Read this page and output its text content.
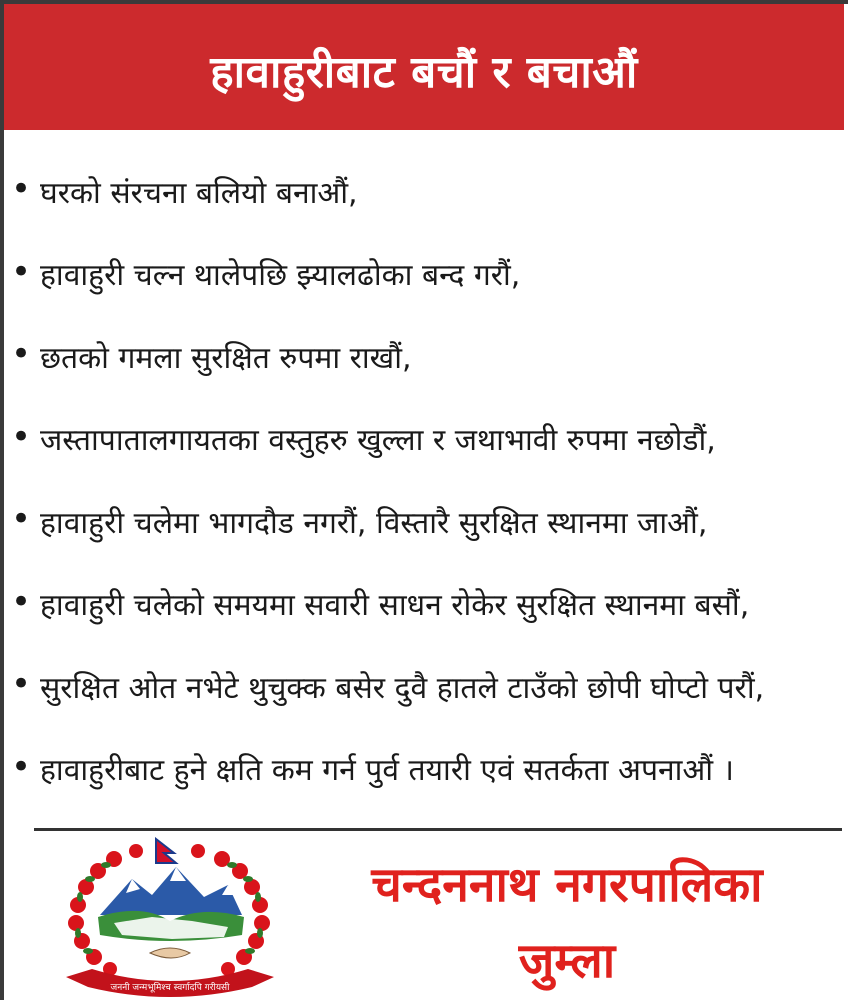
हावाहुरीबाट बचौं र बचाऔं
• घरको संरचना बलियो बनाऔं,
• हावाहुरी चल्न थालेपछि झ्यालढोका बन्द गरौं,
• छतको गमला सुरक्षित रुपमा राखौं,
• जस्तापातालगायतका वस्तुहरु खुल्ला र जथाभावी रुपमा नछोडौं,
• हावाहुरी चलेमा भागदौड नगरौं, विस्तारै सुरक्षित स्थानमा जाऔं,
• हावाहुरी चलेको समयमा सवारी साधन रोकेर सुरक्षित स्थानमा बसौं,
• सुरक्षित ओत नभेटे थुचुक्क बसेर दुवै हातले टाउँको छोपी घोप्टो परौं,
• हावाहुरीबाट हुने क्षति कम गर्न पुर्व तयारी एवं सतर्कता अपनाऔं ।
जननी जन्मभूमिश्च स्वर्गादपि गरीयसी
चन्दननाथ नगरपालिका
जुम्ला
